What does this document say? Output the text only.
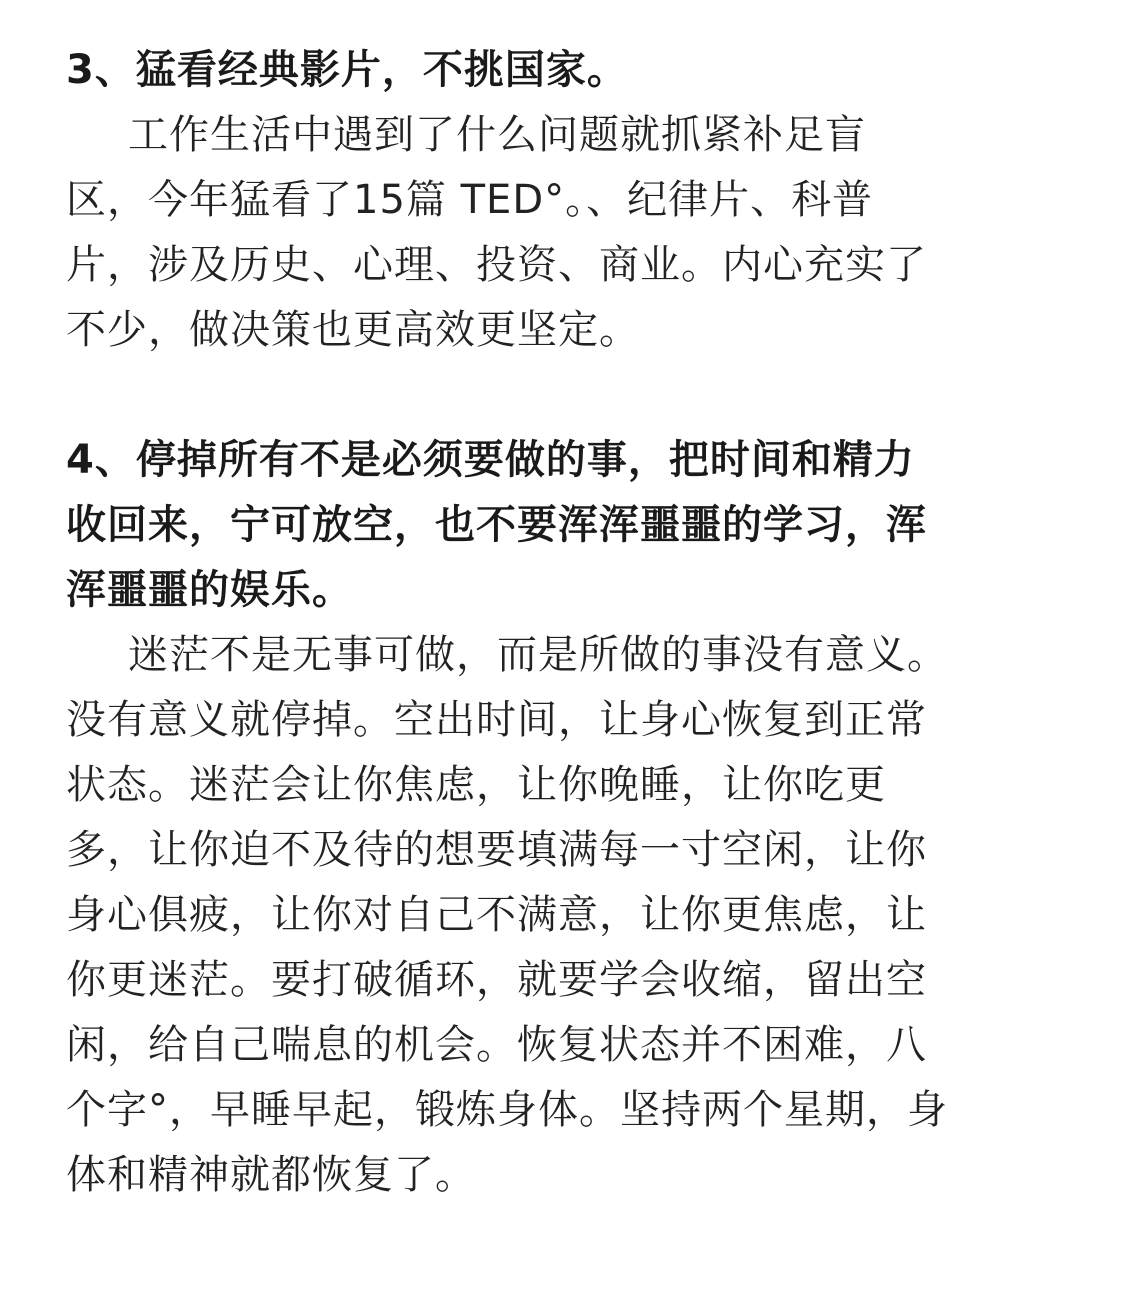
3、猛看经典影片，不挑国家。
工作生活中遇到了什么问题就抓紧补足盲
区，今年猛看了15篇 TED°。、纪律片、科普
片，涉及历史、心理、投资、商业。内心充实了
不少，做决策也更高效更坚定。
4、停掉所有不是必须要做的事，把时间和精力
收回来，宁可放空，也不要浑浑噩噩的学习，浑
浑噩噩的娱乐。
迷茫不是无事可做，而是所做的事没有意义。
没有意义就停掉。空出时间，让身心恢复到正常
状态。迷茫会让你焦虑，让你晚睡，让你吃更
多，让你迫不及待的想要填满每一寸空闲，让你
身心俱疲，让你对自己不满意，让你更焦虑，让
你更迷茫。要打破循环，就要学会收缩，留出空
闲，给自己喘息的机会。恢复状态并不困难，八
个字°，早睡早起，锻炼身体。坚持两个星期，身
体和精神就都恢复了。
